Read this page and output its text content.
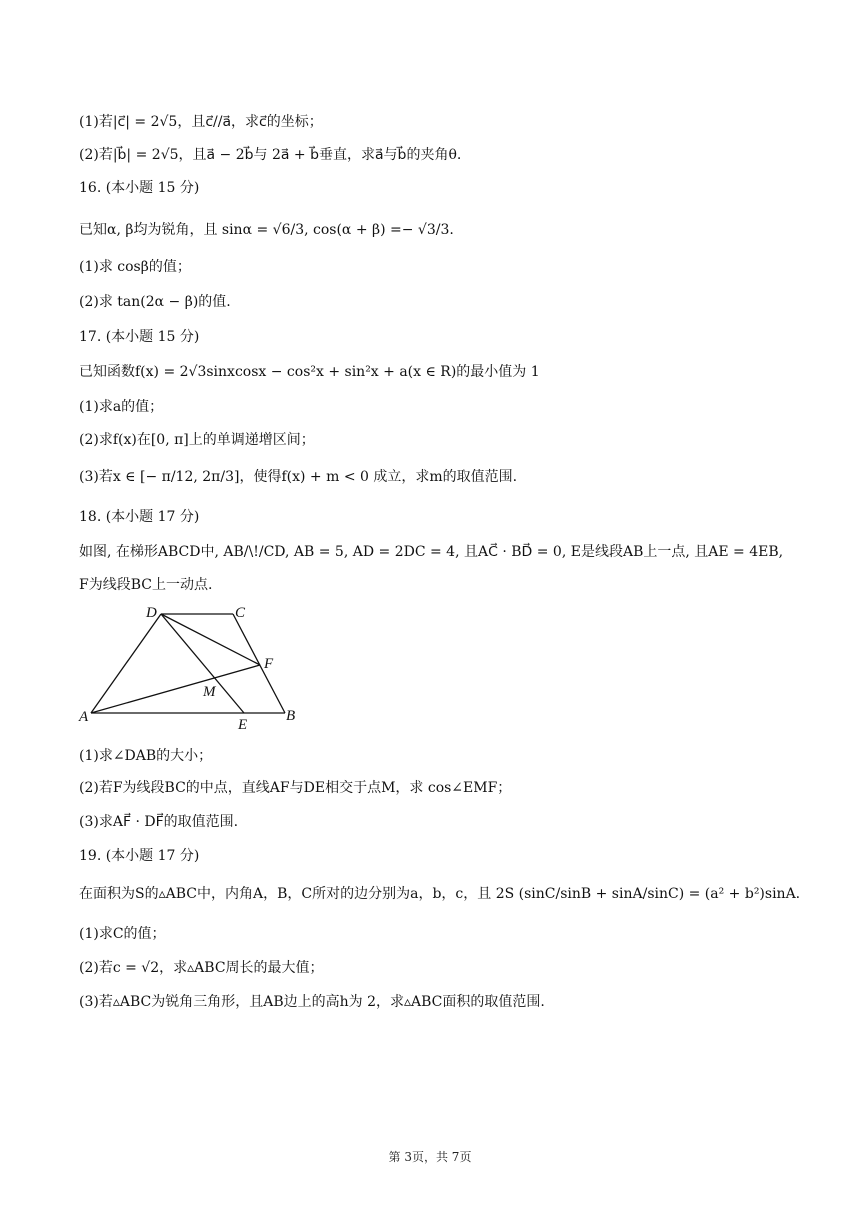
(1)若|c⃗| = 2√5，且c⃗//a⃗，求c⃗的坐标；
(2)若|b⃗| = 2√5，且a⃗ − 2b⃗与 2a⃗ + b⃗垂直，求a⃗与b⃗的夹角θ.
16. (本小题 15 分)
已知α, β均为锐角，且 sinα = √6/3, cos(α + β) =− √3/3.
(1)求 cosβ的值；
(2)求 tan(2α − β)的值.
17. (本小题 15 分)
已知函数f(x) = 2√3sinxcosx − cos²x + sin²x + a(x ∈ R)的最小值为 1
(1)求a的值；
(2)求f(x)在[0, π]上的单调递增区间；
(3)若x ∈ [− π/12, 2π/3]，使得f(x) + m < 0 成立，求m的取值范围.
18. (本小题 17 分)
如图, 在梯形ABCD中, AB/\!/CD, AB = 5, AD = 2DC = 4, 且AC⃗ · BD⃗ = 0, E是线段AB上一点, 且AE = 4EB,
F为线段BC上一动点.
(1)求∠DAB的大小；
(2)若F为线段BC的中点，直线AF与DE相交于点M，求 cos∠EMF；
(3)求AF⃗ · DF⃗的取值范围.
19. (本小题 17 分)
在面积为S的▵ABC中，内角A，B，C所对的边分别为a，b，c，且 2S (sinC/sinB + sinA/sinC) = (a² + b²)sinA.
(1)求C的值；
(2)若c = √2，求▵ABC周长的最大值；
(3)若▵ABC为锐角三角形，且AB边上的高h为 2，求▵ABC面积的取值范围.
D	C
F
M
A	E
B
第 3页，共 7页
